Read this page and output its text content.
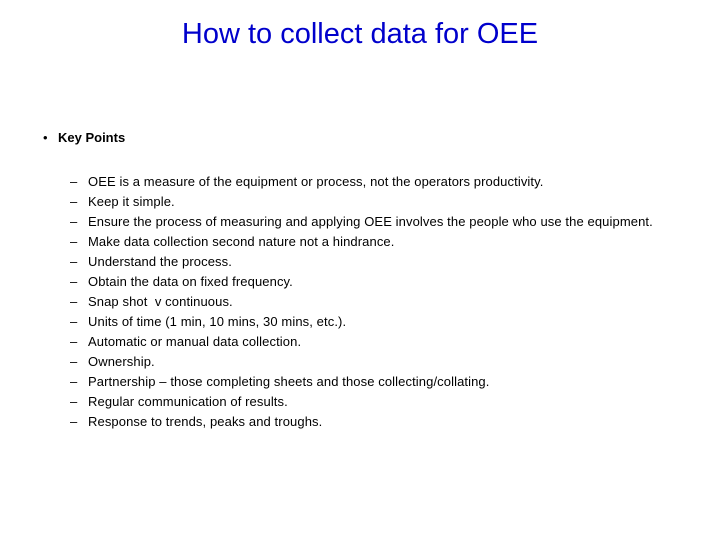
How to collect data for OEE
• Key Points
– OEE is a measure of the equipment or process, not the operators productivity.
– Keep it simple.
– Ensure the process of measuring and applying OEE involves the people who use the equipment.
– Make data collection second nature not a hindrance.
– Understand the process.
– Obtain the data on fixed frequency.
– Snap shot  v continuous.
– Units of time (1 min, 10 mins, 30 mins, etc.).
– Automatic or manual data collection.
– Ownership.
– Partnership – those completing sheets and those collecting/collating.
– Regular communication of results.
– Response to trends, peaks and troughs.
